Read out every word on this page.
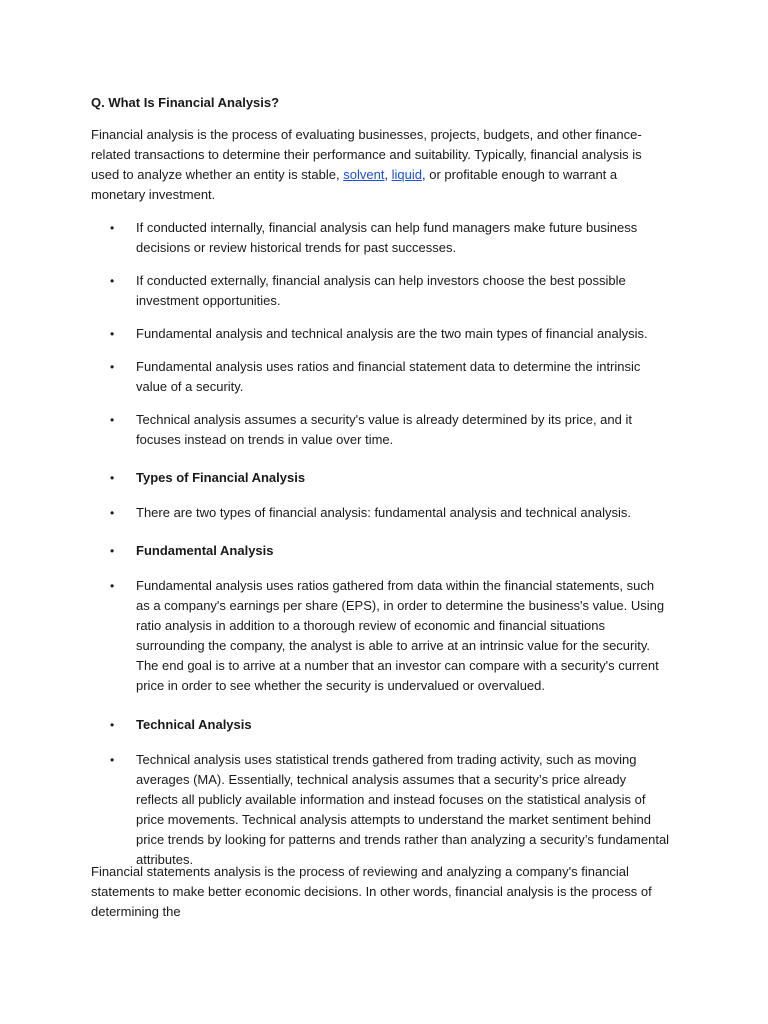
Q. What Is Financial Analysis?
Financial analysis is the process of evaluating businesses, projects, budgets, and other finance-related transactions to determine their performance and suitability. Typically, financial analysis is used to analyze whether an entity is stable, solvent, liquid, or profitable enough to warrant a monetary investment.
•	If conducted internally, financial analysis can help fund managers make future business decisions or review historical trends for past successes.
•	If conducted externally, financial analysis can help investors choose the best possible investment opportunities.
•	Fundamental analysis and technical analysis are the two main types of financial analysis.
•	Fundamental analysis uses ratios and financial statement data to determine the intrinsic value of a security.
•	Technical analysis assumes a security's value is already determined by its price, and it focuses instead on trends in value over time.
•	Types of Financial Analysis
•	There are two types of financial analysis: fundamental analysis and technical analysis.
•	Fundamental Analysis
•	Fundamental analysis uses ratios gathered from data within the financial statements, such as a company's earnings per share (EPS), in order to determine the business's value. Using ratio analysis in addition to a thorough review of economic and financial situations surrounding the company, the analyst is able to arrive at an intrinsic value for the security. The end goal is to arrive at a number that an investor can compare with a security's current price in order to see whether the security is undervalued or overvalued.
•	Technical Analysis
•	Technical analysis uses statistical trends gathered from trading activity, such as moving averages (MA). Essentially, technical analysis assumes that a security’s price already reflects all publicly available information and instead focuses on the statistical analysis of price movements. Technical analysis attempts to understand the market sentiment behind price trends by looking for patterns and trends rather than analyzing a security’s fundamental attributes.
Financial statements analysis is the process of reviewing and analyzing a company's financial statements to make better economic decisions. In other words, financial analysis is the process of determining the
